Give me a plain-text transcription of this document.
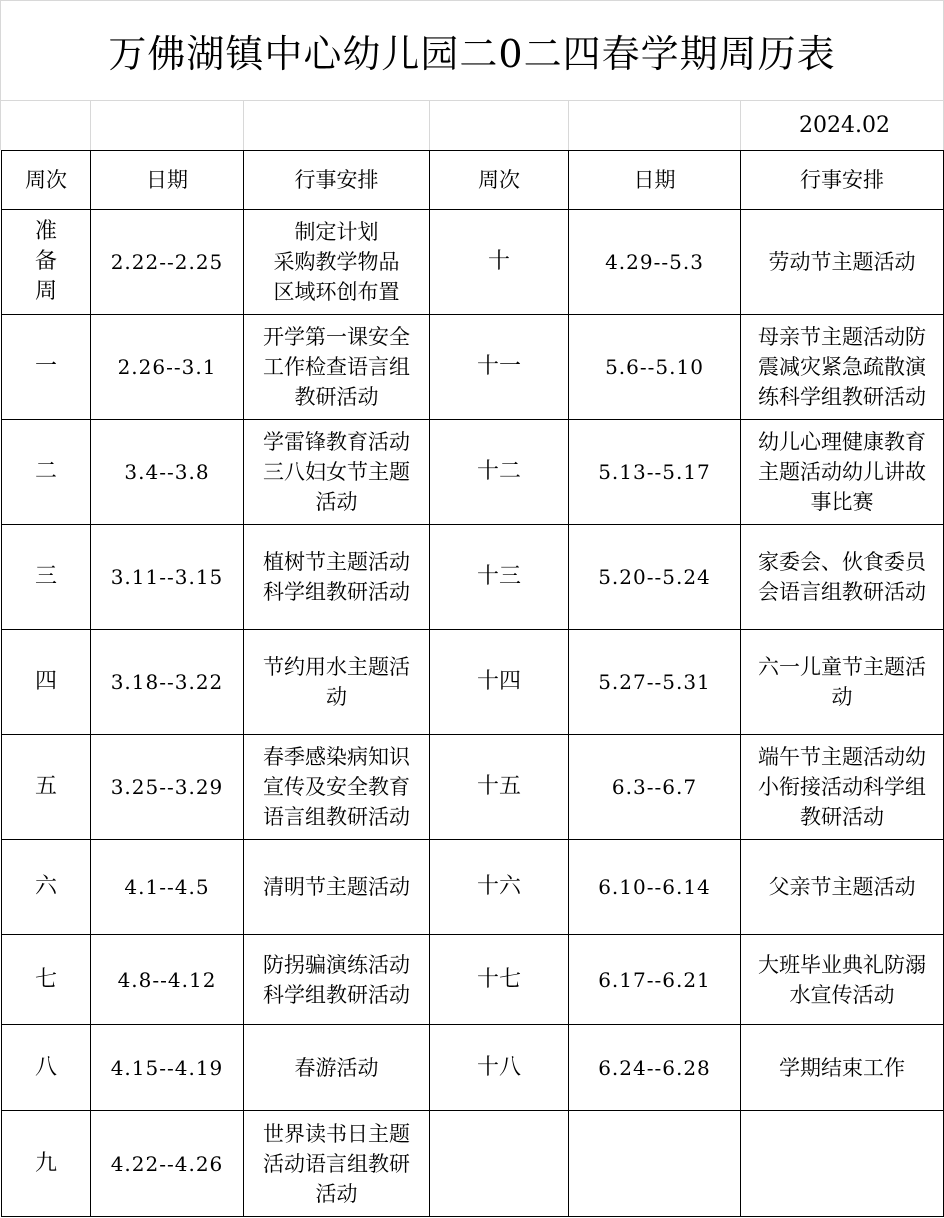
万佛湖镇中心幼儿园二0二四春学期周历表
2024.02
周次	日期	行事安排	周次	日期	行事安排
准备周	2.22--2.25	制定计划
采购教学物品
区域环创布置	十	4.29--5.3	劳动节主题活动

一	2.26--3.1	开学第一课安全
工作检查语言组
教研活动	十一	5.6--5.10	母亲节主题活动防
震减灾紧急疏散演
练科学组教研活动

二	3.4--3.8	学雷锋教育活动
三八妇女节主题
活动	十二	5.13--5.17	幼儿心理健康教育
主题活动幼儿讲故
事比赛

三	3.11--3.15	植树节主题活动
科学组教研活动	十三	5.20--5.24	家委会、伙食委员
会语言组教研活动

四	3.18--3.22	节约用水主题活
动	十四	5.27--5.31	六一儿童节主题活
动

五	3.25--3.29	春季感染病知识
宣传及安全教育
语言组教研活动	十五	6.3--6.7	端午节主题活动幼
小衔接活动科学组
教研活动

六	4.1--4.5	清明节主题活动	十六	6.10--6.14	父亲节主题活动

七	4.8--4.12	防拐骗演练活动
科学组教研活动	十七	6.17--6.21	大班毕业典礼防溺
水宣传活动

八	4.15--4.19	春游活动	十八	6.24--6.28	学期结束工作

九	4.22--4.26	世界读书日主题
活动语言组教研
活动			
